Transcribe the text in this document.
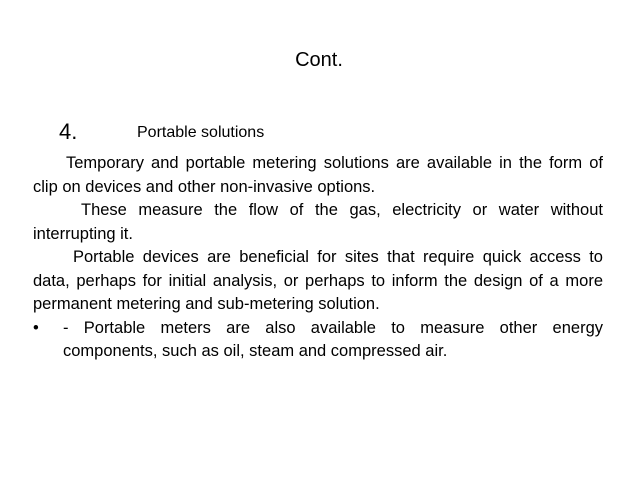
Cont.
4.	Portable solutions

Temporary and portable metering solutions are available in the form of clip on devices and other non-invasive options.

These measure the flow of the gas, electricity or water without interrupting it.

Portable devices are beneficial for sites that require quick access to data, perhaps for initial analysis, or perhaps to inform the design of a more permanent metering and sub-metering solution.

•	- Portable meters are also available to measure other energy components, such as oil, steam and compressed air.
